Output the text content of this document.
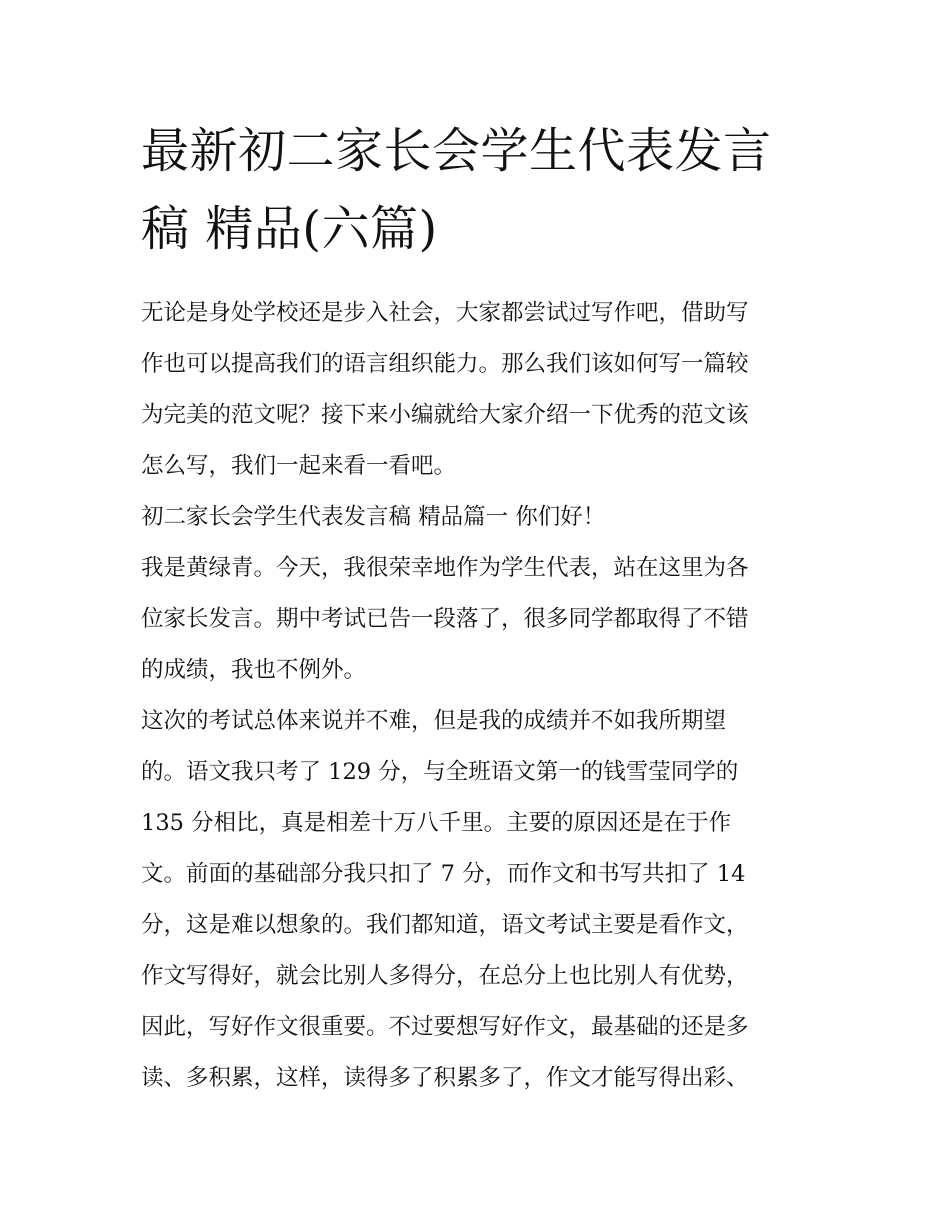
最新初二家长会学生代表发言
稿 精品(六篇)

无论是身处学校还是步入社会，大家都尝试过写作吧，借助写

作也可以提高我们的语言组织能力。那么我们该如何写一篇较

为完美的范文呢？接下来小编就给大家介绍一下优秀的范文该

怎么写，我们一起来看一看吧。

初二家长会学生代表发言稿 精品篇一 你们好！

我是黄绿青。今天，我很荣幸地作为学生代表，站在这里为各

位家长发言。期中考试已告一段落了，很多同学都取得了不错

的成绩，我也不例外。

这次的考试总体来说并不难，但是我的成绩并不如我所期望

的。语文我只考了 129 分，与全班语文第一的钱雪莹同学的

135 分相比，真是相差十万八千里。主要的原因还是在于作

文。前面的基础部分我只扣了 7 分，而作文和书写共扣了 14

分，这是难以想象的。我们都知道，语文考试主要是看作文，

作文写得好，就会比别人多得分，在总分上也比别人有优势，

因此，写好作文很重要。不过要想写好作文，最基础的还是多

读、多积累，这样，读得多了积累多了，作文才能写得出彩、
